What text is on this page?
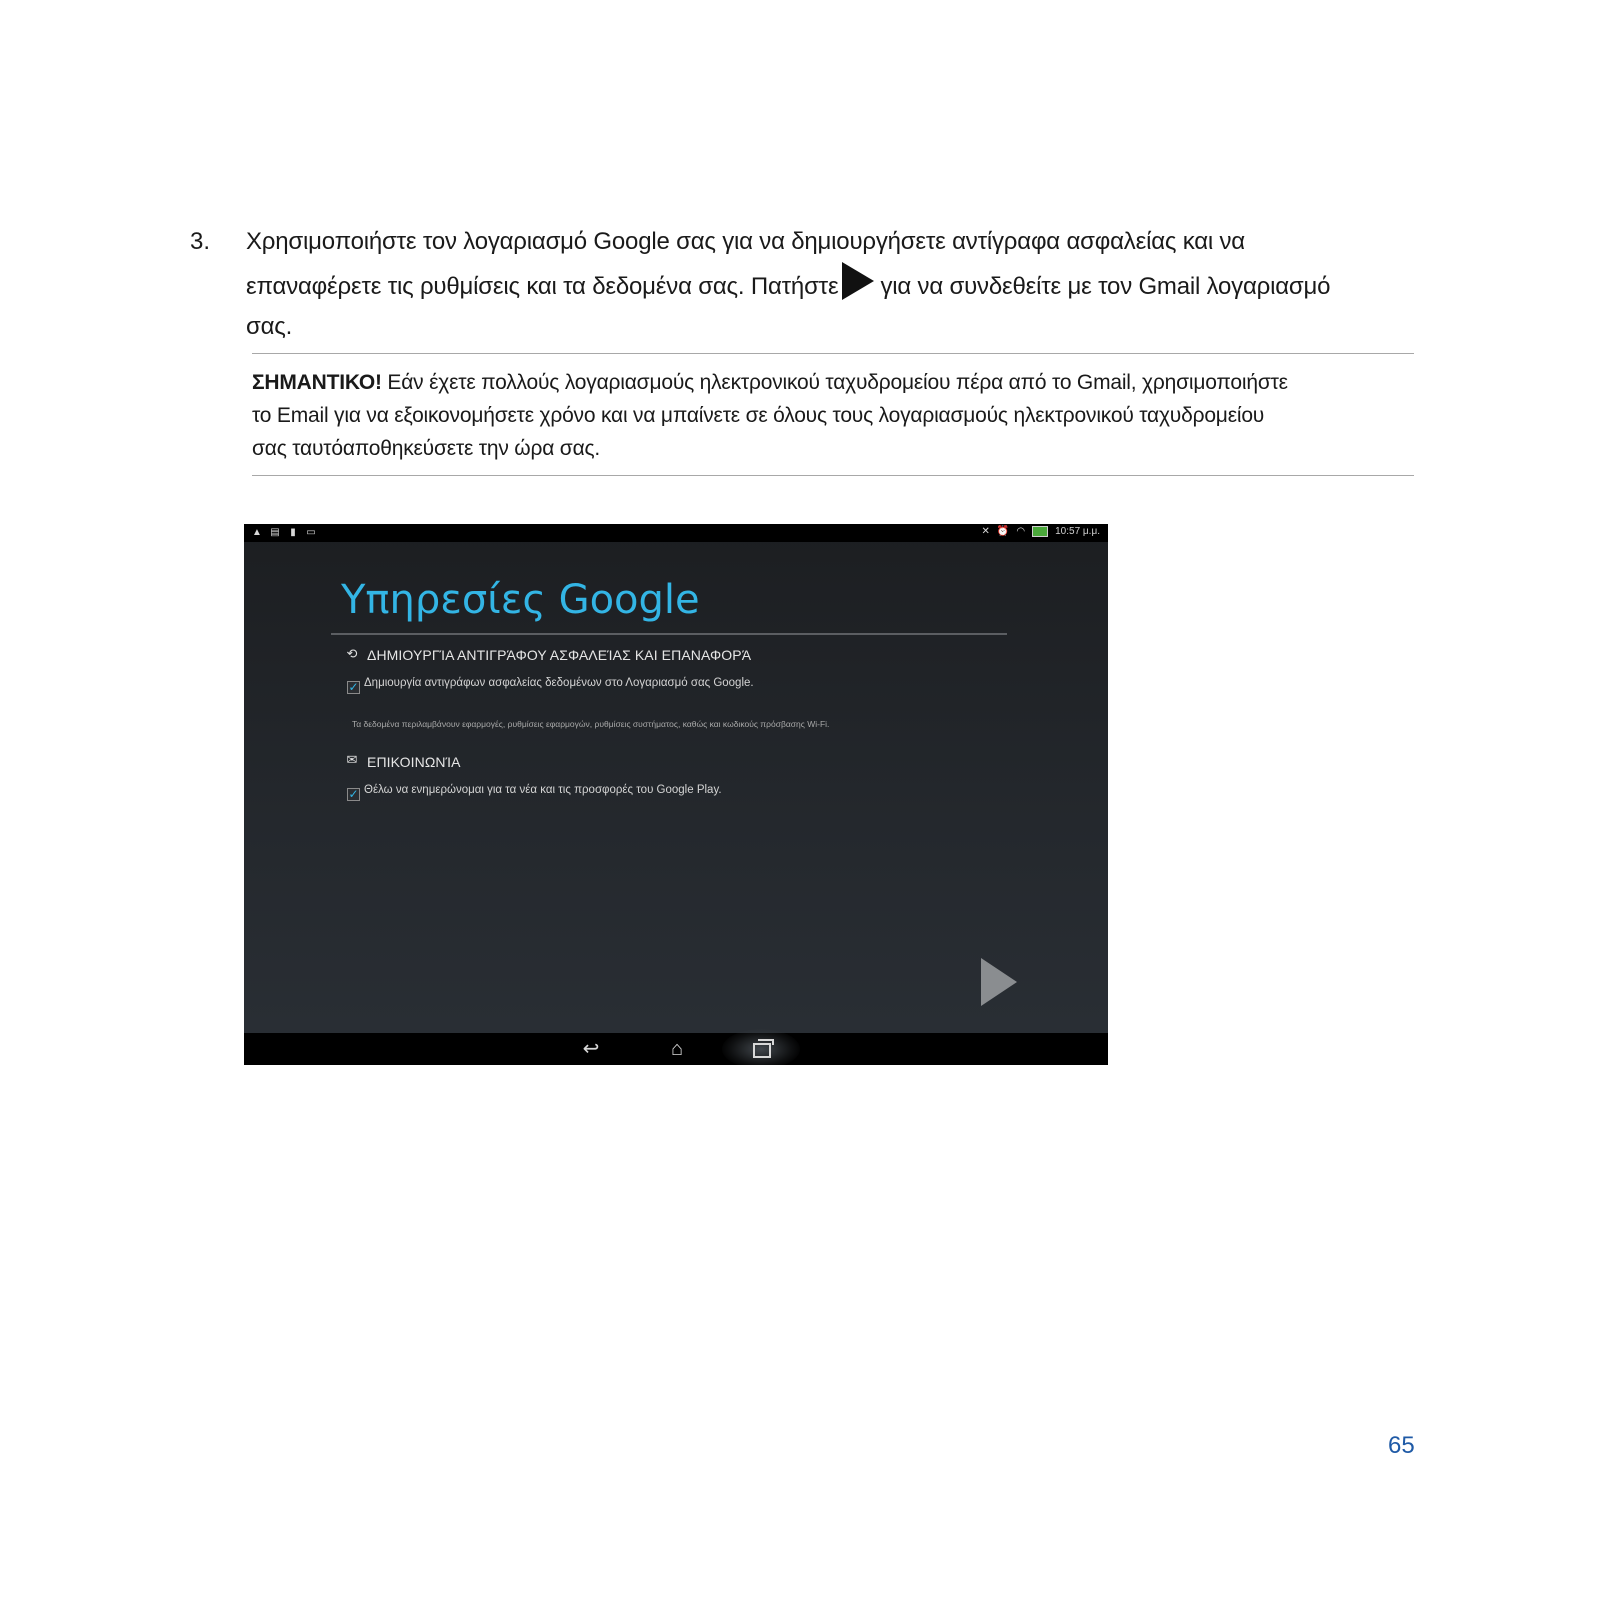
3. Χρησιμοποιήστε τον λογαριασμό Google σας για να δημιουργήσετε αντίγραφα ασφαλείας και να
επαναφέρετε τις ρυθμίσεις και τα δεδομένα σας. Πατήστε για να συνδεθείτε με τον Gmail λογαριασμό
σας.
ΣΗΜΑΝΤΙΚΟ! Εάν έχετε πολλούς λογαριασμούς ηλεκτρονικού ταχυδρομείου πέρα από το Gmail, χρησιμοποιήστε
το Email για να εξοικονομήσετε χρόνο και να μπαίνετε σε όλους τους λογαριασμούς ηλεκτρονικού ταχυδρομείου
σας ταυτόαποθηκεύσετε την ώρα σας.
▲ ▤ ▮ ▭	✕ ⏰ ◠	10:57 μ.μ.
Υπηρεσίες Google
⟲ ΔΗΜΙΟΥΡΓΊΑ ΑΝΤΙΓΡΆΦΟΥ ΑΣΦΑΛΕΊΑΣ ΚΑΙ ΕΠΑΝΑΦΟΡΆ
✓ Δημιουργία αντιγράφων ασφαλείας δεδομένων στο Λογαριασμό σας Google.
Τα δεδομένα περιλαμβάνουν εφαρμογές, ρυθμίσεις εφαρμογών, ρυθμίσεις συστήματος, καθώς και κωδικούς πρόσβασης Wi-Fi.
✉ ΕΠΙΚΟΙΝΩΝΊΑ
✓ Θέλω να ενημερώνομαι για τα νέα και τις προσφορές του Google Play.
↩	⌂
65
